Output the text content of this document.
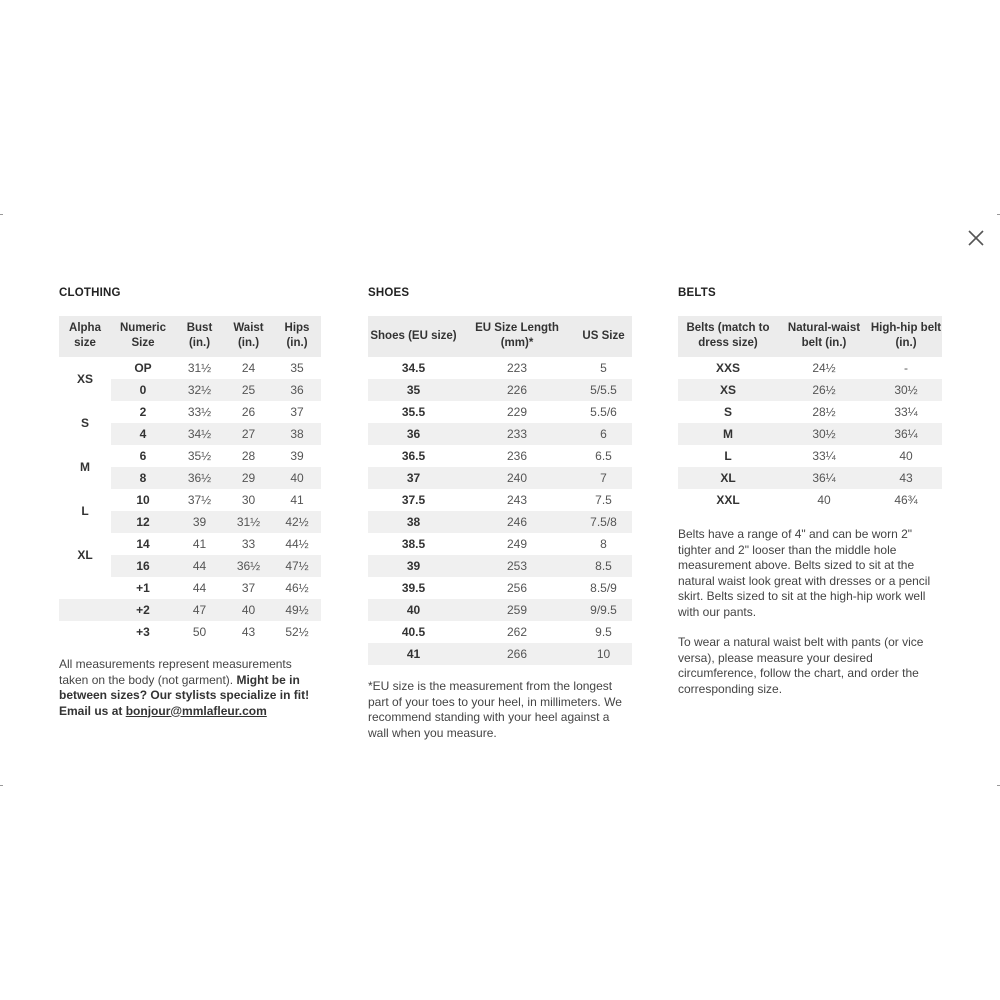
CLOTHING
Alpha size	Numeric Size	Bust (in.)	Waist (in.)	Hips (in.)
XS	OP	31½	24	35
	0	32½	25	36
S	2	33½	26	37
	4	34½	27	38
M	6	35½	28	39
	8	36½	29	40
L	10	37½	30	41
	12	39	31½	42½
XL	14	41	33	44½
	16	44	36½	47½
	+1	44	37	46½
	+2	47	40	49½
	+3	50	43	52½
All measurements represent measurements taken on the body (not garment). Might be in between sizes? Our stylists specialize in fit! Email us at bonjour@mmlafleur.com
SHOES
Shoes (EU size)	EU Size Length (mm)*	US Size
34.5	223	5
35	226	5/5.5
35.5	229	5.5/6
36	233	6
36.5	236	6.5
37	240	7
37.5	243	7.5
38	246	7.5/8
38.5	249	8
39	253	8.5
39.5	256	8.5/9
40	259	9/9.5
40.5	262	9.5
41	266	10
*EU size is the measurement from the longest part of your toes to your heel, in millimeters. We recommend standing with your heel against a wall when you measure.
BELTS
Belts (match to dress size)	Natural-waist belt (in.)	High-hip belt (in.)
XXS	24½	-
XS	26½	30½
S	28½	33¼
M	30½	36¼
L	33¼	40
XL	36¼	43
XXL	40	46¾

Belts have a range of 4" and can be worn 2" tighter and 2" looser than the middle hole measurement above. Belts sized to sit at the natural waist look great with dresses or a pencil skirt. Belts sized to sit at the high-hip work well with our pants.

To wear a natural waist belt with pants (or vice versa), please measure your desired circumference, follow the chart, and order the corresponding size.
